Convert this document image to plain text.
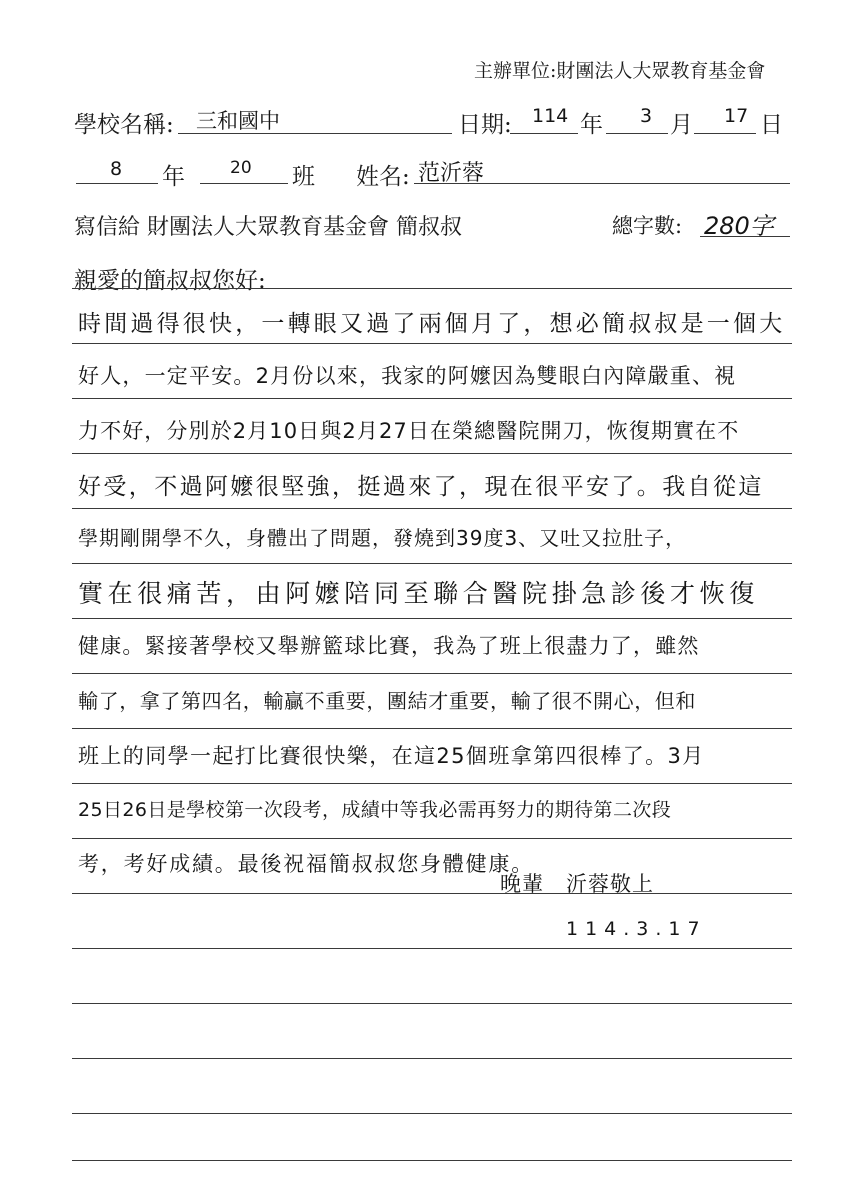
主辦單位:財團法人大眾教育基金會
學校名稱: 三和國中	日期: 114 年 3 月 17 日
8 年	20 班 姓名: 范沂蓉
寫信給 財團法人大眾教育基金會 簡叔叔	總字數: 280字
親愛的簡叔叔您好:
時間過得很快，一轉眼又過了兩個月了，想必簡叔叔是一個大
好人，一定平安。2月份以來，我家的阿嬤因為雙眼白內障嚴重、視
力不好，分別於2月10日與2月27日在榮總醫院開刀，恢復期實在不
好受，不過阿嬤很堅強，挺過來了，現在很平安了。我自從這
學期剛開學不久，身體出了問題，發燒到39度3、又吐又拉肚子，
實在很痛苦，由阿嬤陪同至聯合醫院掛急診後才恢復
健康。緊接著學校又舉辦籃球比賽，我為了班上很盡力了，雖然
輸了，拿了第四名，輸贏不重要，團結才重要，輸了很不開心，但和
班上的同學一起打比賽很快樂，在這25個班拿第四很棒了。3月
25日26日是學校第一次段考，成績中等我必需再努力的期待第二次段
考，考好成績。最後祝福簡叔叔您身體健康。
晚輩　沂蓉敬上
114.3.17
